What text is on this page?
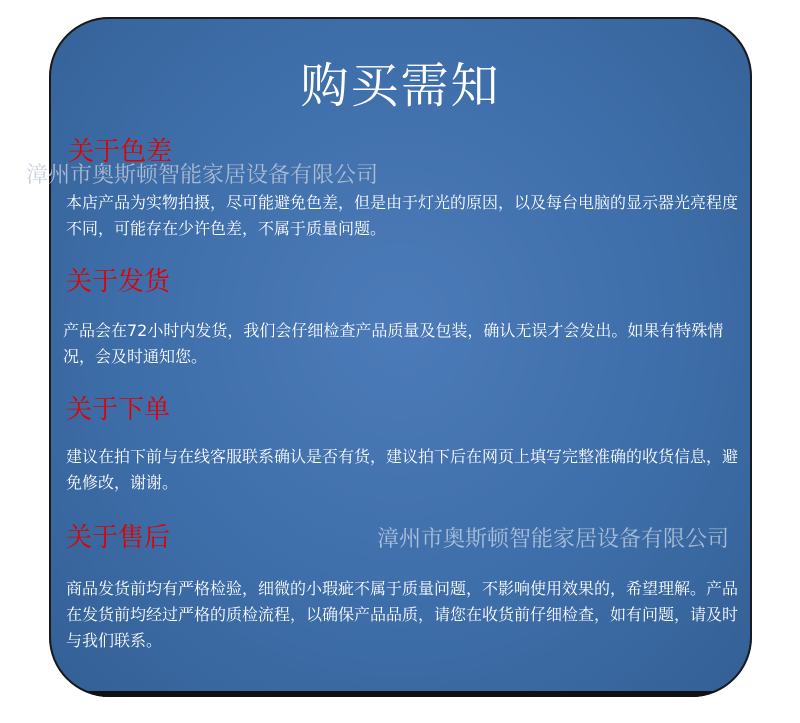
购买需知
关于色差
本店产品为实物拍摄，尽可能避免色差，但是由于灯光的原因，以及每台电脑的显示器光亮程度不同，可能存在少许色差，不属于质量问题。
关于发货
产品会在72小时内发货，我们会仔细检查产品质量及包装，确认无误才会发出。如果有特殊情况，会及时通知您。
关于下单
建议在拍下前与在线客服联系确认是否有货，建议拍下后在网页上填写完整准确的收货信息，避免修改，谢谢。
关于售后
商品发货前均有严格检验，细微的小瑕疵不属于质量问题，不影响使用效果的，希望理解。产品在发货前均经过严格的质检流程，以确保产品品质，请您在收货前仔细检查，如有问题，请及时与我们联系。
漳州市奥斯顿智能家居设备有限公司
漳州市奥斯顿智能家居设备有限公司
